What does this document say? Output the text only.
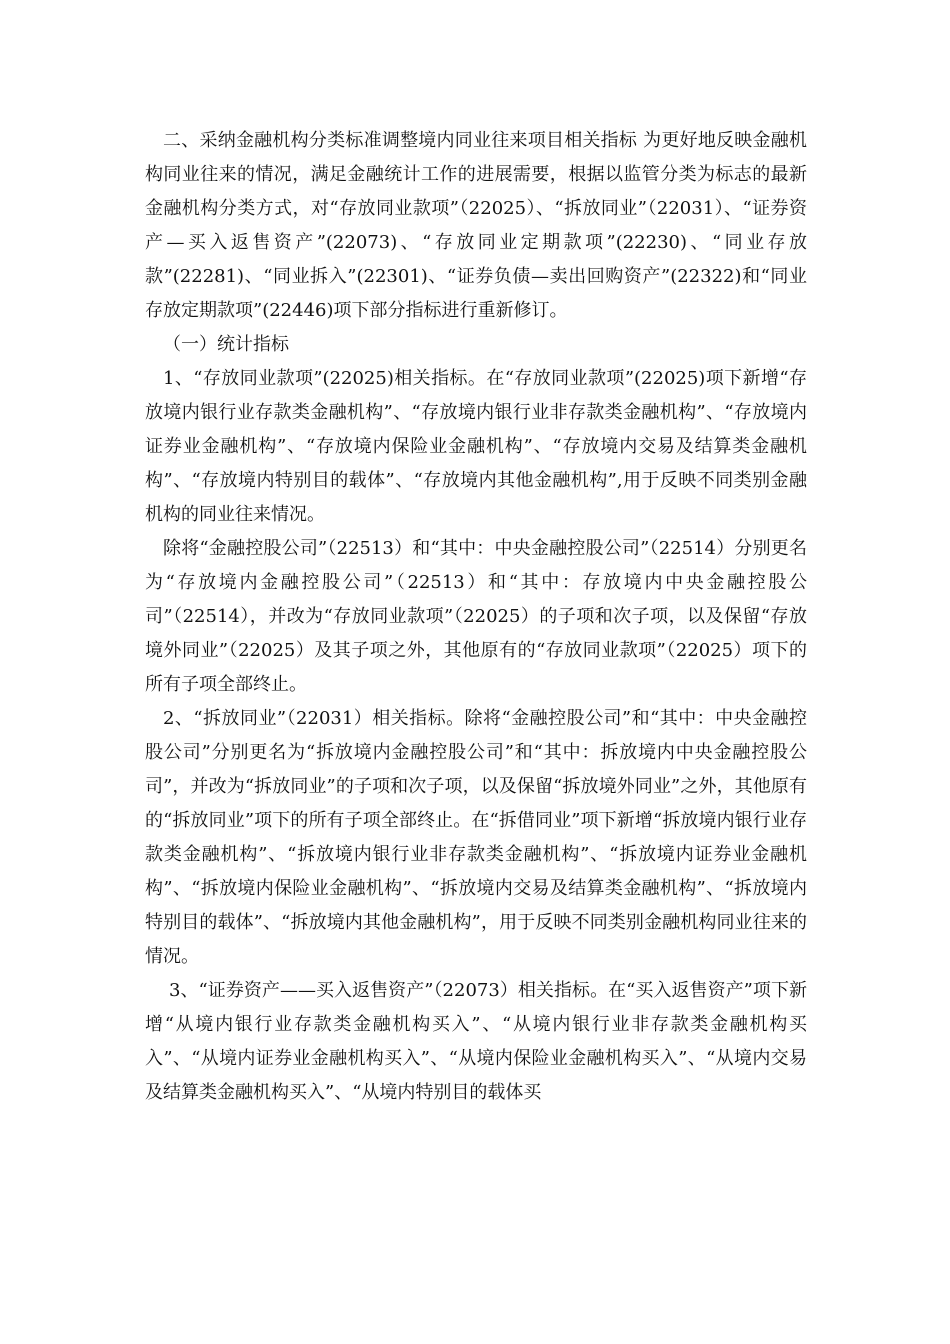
二、采纳金融机构分类标准调整境内同业往来项目相关指标 为更好地反映金融机构同业往来的情况，满足金融统计工作的进展需要，根据以监管分类为标志的最新金融机构分类方式，对“存放同业款项”（22025）、“拆放同业”（22031）、“证券资产—买入返售资产”(22073)、“存放同业定期款项”(22230)、“同业存放款”(22281)、“同业拆入”(22301)、“证券负债—卖出回购资产”(22322)和“同业存放定期款项”(22446)项下部分指标进行重新修订。

（一）统计指标

1、“存放同业款项”(22025)相关指标。在“存放同业款项”(22025)项下新增“存放境内银行业存款类金融机构”、“存放境内银行业非存款类金融机构”、“存放境内证券业金融机构”、“存放境内保险业金融机构”、“存放境内交易及结算类金融机构”、“存放境内特别目的载体”、“存放境内其他金融机构”,用于反映不同类别金融机构的同业往来情况。

除将“金融控股公司”（22513）和“其中：中央金融控股公司”（22514）分别更名为“存放境内金融控股公司”（22513）和“其中：存放境内中央金融控股公司”（22514），并改为“存放同业款项”（22025）的子项和次子项，以及保留“存放境外同业”（22025）及其子项之外，其他原有的“存放同业款项”（22025）项下的所有子项全部终止。

2、“拆放同业”（22031）相关指标。除将“金融控股公司”和“其中：中央金融控股公司”分别更名为“拆放境内金融控股公司”和“其中：拆放境内中央金融控股公司”，并改为“拆放同业”的子项和次子项，以及保留“拆放境外同业”之外，其他原有的“拆放同业”项下的所有子项全部终止。在“拆借同业”项下新增“拆放境内银行业存款类金融机构”、“拆放境内银行业非存款类金融机构”、“拆放境内证券业金融机构”、“拆放境内保险业金融机构”、“拆放境内交易及结算类金融机构”、“拆放境内特别目的载体”、“拆放境内其他金融机构”，用于反映不同类别金融机构同业往来的情况。

3、“证券资产——买入返售资产”（22073）相关指标。在“买入返售资产”项下新增“从境内银行业存款类金融机构买入”、“从境内银行业非存款类金融机构买入”、“从境内证券业金融机构买入”、“从境内保险业金融机构买入”、“从境内交易及结算类金融机构买入”、“从境内特别目的载体买
